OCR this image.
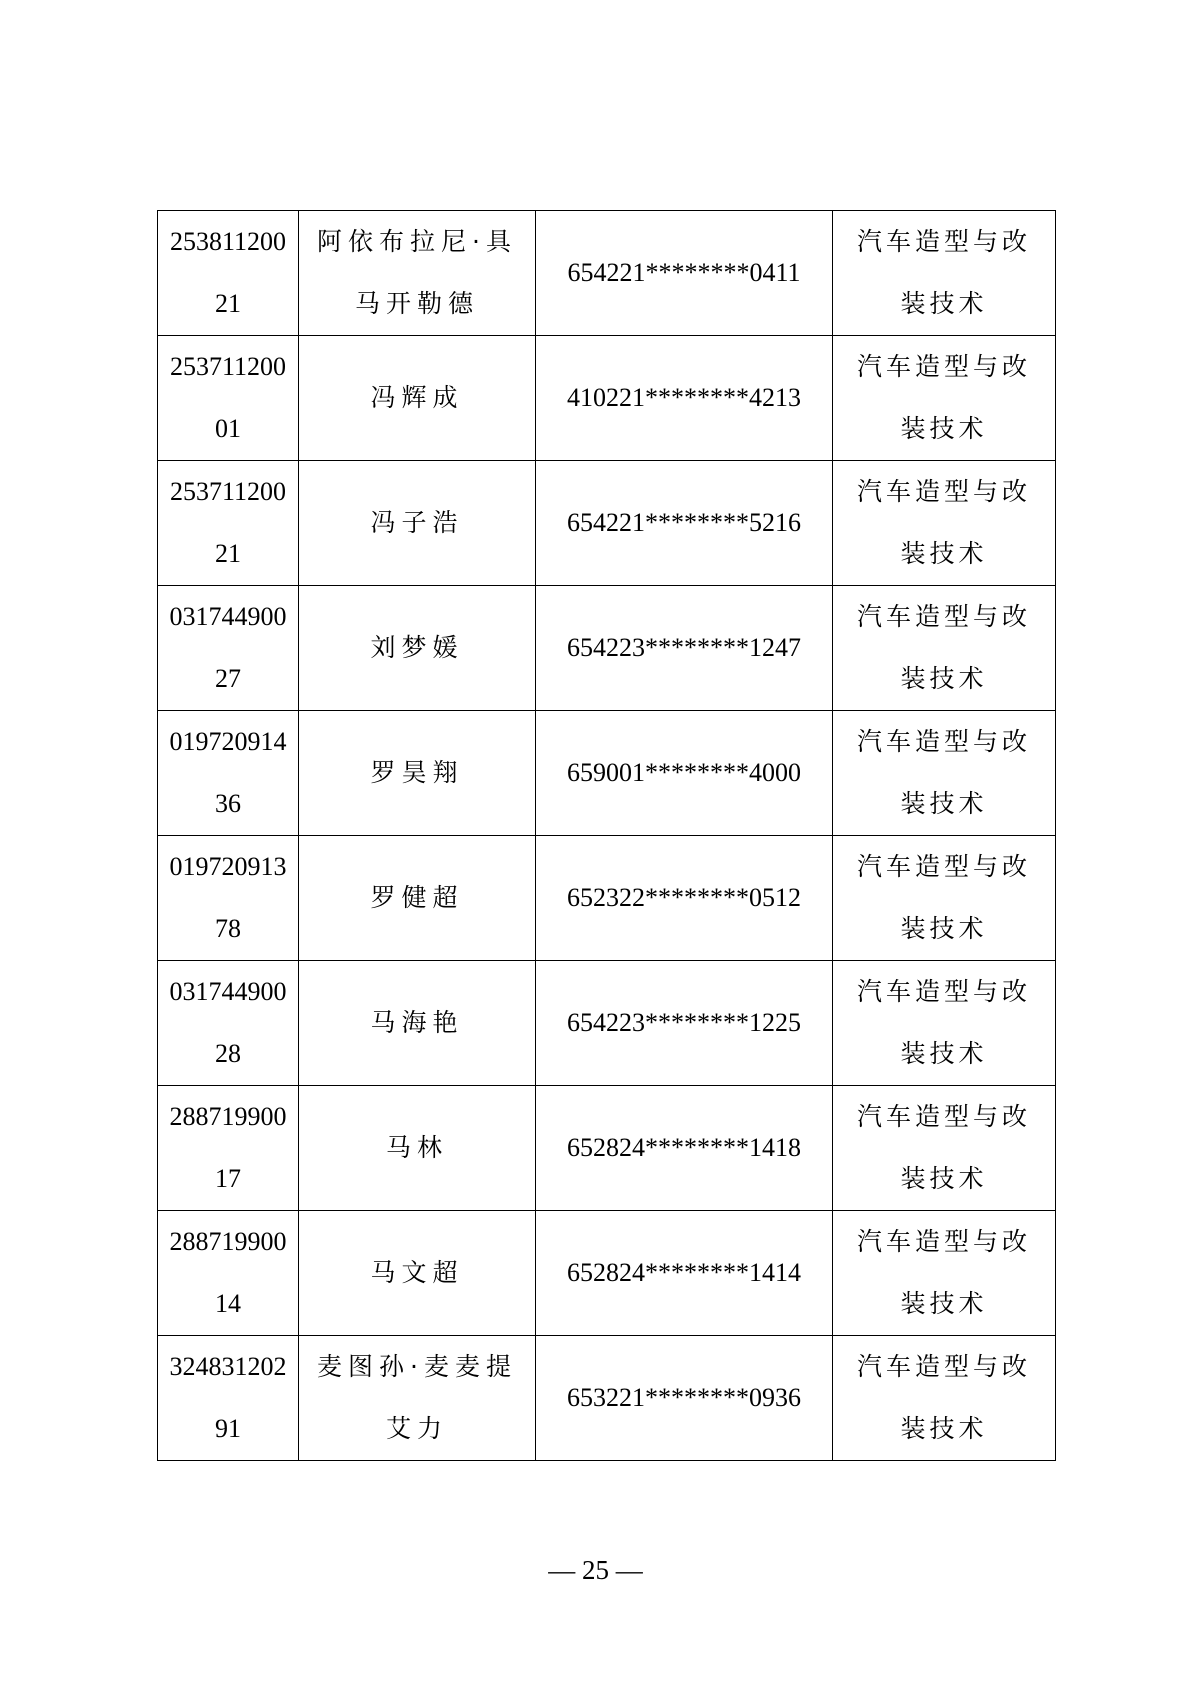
25381120021	阿依布拉尼·具马开勒德	654221********0411	汽车造型与改装技术

25371120001	冯辉成	410221********4213	汽车造型与改装技术

25371120021	冯子浩	654221********5216	汽车造型与改装技术

03174490027	刘梦媛	654223********1247	汽车造型与改装技术

01972091436	罗昊翔	659001********4000	汽车造型与改装技术

01972091378	罗健超	652322********0512	汽车造型与改装技术

03174490028	马海艳	654223********1225	汽车造型与改装技术

28871990017	马林	652824********1418	汽车造型与改装技术

28871990014	马文超	652824********1414	汽车造型与改装技术

32483120291	麦图孙·麦麦提艾力	653221********0936	汽车造型与改装技术
— 25 —
